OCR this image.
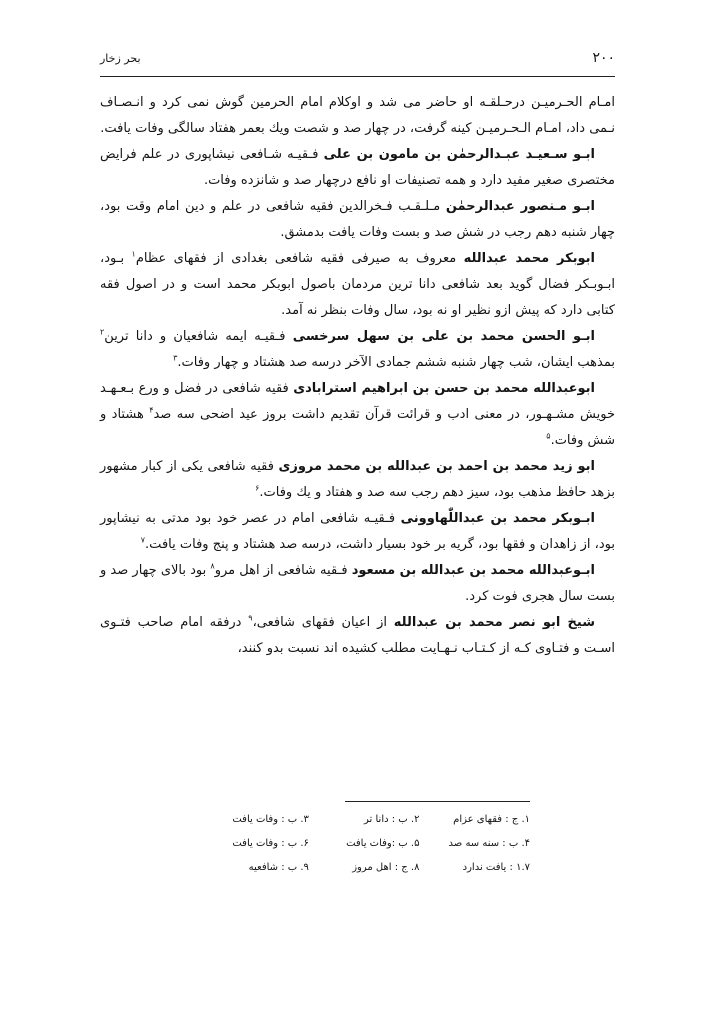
۲۰۰
بحر زخار

امـام الحـرمیـن درحـلقـه او حاضر می شد و اوکلام امام الحرمین گوش نمی کرد و انـصـاف نـمی داد، امـام الـحـرمیـن کینه گرفت، در چهار صد و شصت ویك بعمر هفتاد سالگی وفات یافت.

ابـو سـعیـد عبـدالرحمٰن بن مامون بن علی فـقیـه شـافعی نیشاپوری در علم فرایض مختصری صغیر مفید دارد و همه تصنیفات او نافع درچهار صد و شانزده وفات.

ابـو مـنصور عبدالرحمٰن مـلـقـب فـخرالدین فقیه شافعی در علم و دین امام وقت بود، چهار شنبه دهم رجب در شش صد و بست وفات یافت بدمشق.

ابوبکر محمد عبدالله معروف به صیرفی فقیه شافعی بغدادی از فقهای عظام$^۱$ بـود، ابـوبـکر فضال گوید بعد شافعی دانا ترین مردمان باصول ابوبکر محمد است و در اصول فقه کتابی دارد که پیش ازو نظیر او نه بود، سال وفات بنظر نه آمد.

ابـو الحسن محمد بن علی بن سهل سرخسی فـقیـه ایمه شافعیان و دانا ترین$^۲$ بمذهب ایشان، شب چهار شنبه ششم جمادی الآخر درسه صد هشتاد و چهار وفات.$^۳$

ابوعبدالله محمد بن حسن بن ابراهیم استرابادی فقیه شافعی در فضل و ورع بـعـهـد خویش مشـهـور، در معنی ادب و قرائت قرآن تقدیم داشت بروز عید اضحی سه صد$^۴$ هشتاد و شش وفات.$^۵$

ابو زید محمد بن احمد بن عبدالله بن محمد مروزی فقیه شافعی یکی از کبار مشهور بزهد حافظ مذهب بود، سیز دهم رجب سه صد و هفتاد و یك وفات.$^۶$

ابـوبکر محمد بن عبداللّٰهاوونی فـقیـه شافعی امام در عصر خود بود مدتی به نیشاپور بود، از زاهدان و فقها بود، گریه بر خود بسیار داشت، درسه صد هشتاد و پنج وفات یافت.$^۷$

ابـوعبدالله محمد بن عبدالله بن مسعود فـقیه شافعی از اهل مرو$^۸$ بود بالای چهار صد و بست سال هجری فوت کرد.

شیخ ابو نصر محمد بن عبدالله از اعیان فقهای شافعی،$^۹$ درفقه امام صاحب فتـوی اسـت و فتـاوی کـه از کـتـاب نـهـایت مطلب کشیده اند نسبت بدو کنند،

۱. ج : فقهای عزام
۲. ب : دانا تر
۳. ب : وفات یافت
۴. ب : سنه سه صد
۵. ب :وفات یافت
۶. ب : وفات یافت
۱.۷ : یافت ندارد
۸. ج : اهل مروز
۹. ب : شافعیه
